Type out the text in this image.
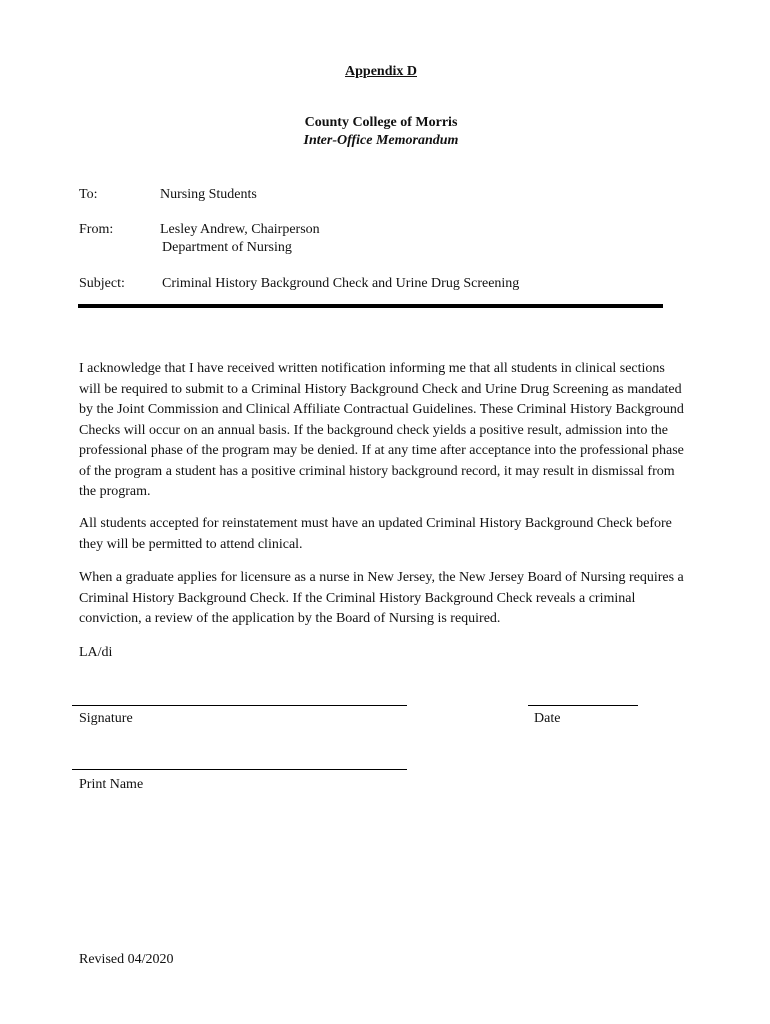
Appendix D
County College of Morris
Inter-Office Memorandum
To:	Nursing Students
From:	Lesley Andrew, Chairperson
Department of Nursing
Subject:	Criminal History Background Check and Urine Drug Screening

I acknowledge that I have received written notification informing me that all students in clinical sections will be required to submit to a Criminal History Background Check and Urine Drug Screening as mandated by the Joint Commission and Clinical Affiliate Contractual Guidelines. These Criminal History Background Checks will occur on an annual basis. If the background check yields a positive result, admission into the professional phase of the program may be denied. If at any time after acceptance into the professional phase of the program a student has a positive criminal history background record, it may result in dismissal from the program.

All students accepted for reinstatement must have an updated Criminal History Background Check before they will be permitted to attend clinical.

When a graduate applies for licensure as a nurse in New Jersey, the New Jersey Board of Nursing requires a Criminal History Background Check. If the Criminal History Background Check reveals a criminal conviction, a review of the application by the Board of Nursing is required.

LA/di
Signature	Date
Print Name
Revised 04/2020
